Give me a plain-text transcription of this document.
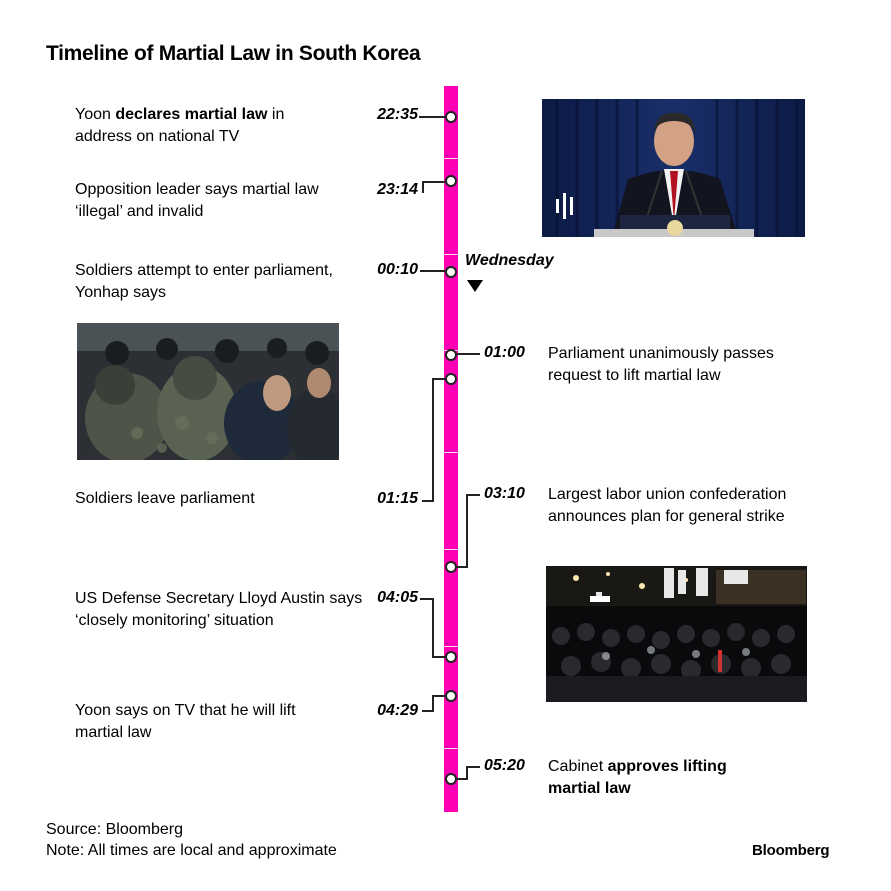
Timeline of Martial Law in South Korea
Wednesday
Yoon declares martial law in address on national TV
22:35
Opposition leader says martial law ‘illegal’ and invalid
23:14
Soldiers attempt to enter parliament, Yonhap says
00:10
01:00 Parliament unanimously passes request to lift martial law
01:15
Soldiers leave parliament	03:10 Largest labor union confederation announces plan for general strike
US Defense Secretary Lloyd Austin says ‘closely monitoring’ situation
04:05
04:29
Yoon says on TV that he will lift martial law
05:20 Cabinet approves lifting martial law
Source: Bloomberg
Note: All times are local and approximate	Bloomberg
